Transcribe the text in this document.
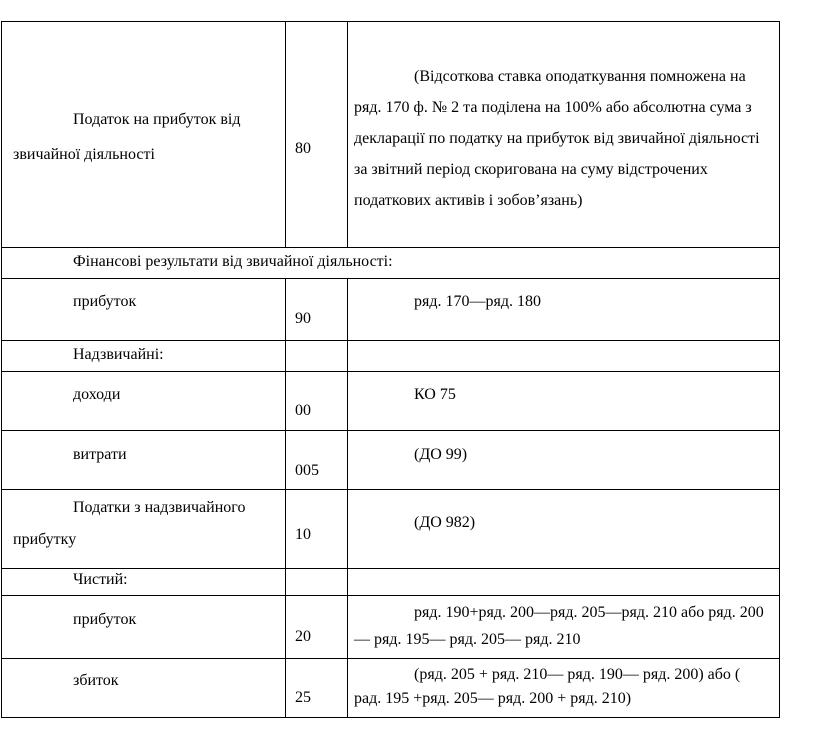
Податок на прибуток від звичайної діяльності	80	(Відсоткова ставка оподаткування помножена на ряд. 170 ф. № 2 та поділена на 100% або абсолютна сума з декларації по податку на прибуток від звичайної діяльності за звітний період скоригована на суму відстрочених податкових активів і зобов’язань)

Фінансові результати від звичайної діяльності:		

прибуток	90	ряд. 170—ряд. 180

Надзвичайні:		

доходи	00	КО 75

витрати	005	(ДО 99)

Податки з надзвичайного прибутку	10	(ДО 982)

Чистий:		

прибуток	20	ряд. 190+ряд. 200—ряд. 205—ряд. 210 або ряд. 200— ряд. 195— ряд. 205— ряд. 210

збиток	25	(ряд. 205 + ряд. 210— ряд. 190— ряд. 200) або ( рад. 195 +ряд. 205— ряд. 200 + ряд. 210)
